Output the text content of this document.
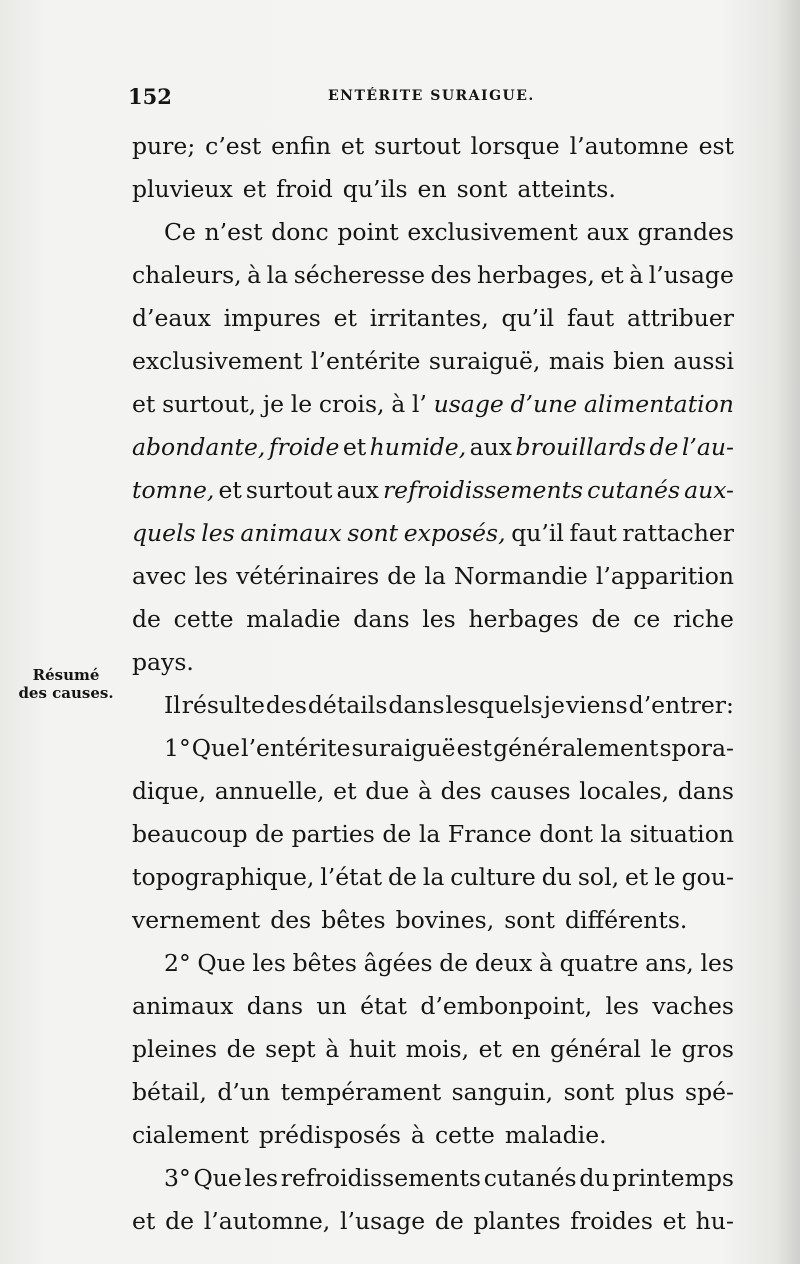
152	ENTÉRITE SURAIGUE.
Résumé
des causes.
pure; c’est enfin et surtout lorsque l’automne est
pluvieux et froid qu’ils en sont atteints.
Ce n’est donc point exclusivement aux grandes
chaleurs, à la sécheresse des herbages, et à l’usage
d’eaux impures et irritantes, qu’il faut attribuer
exclusivement l’entérite suraiguë, mais bien aussi
et surtout, je le crois, à l’ usage d’une alimentation
abondante, froide et humide, aux brouillards de l’au-
tomne, et surtout aux refroidissements cutanés aux-
quels les animaux sont exposés, qu’il faut rattacher
avec les vétérinaires de la Normandie l’apparition
de cette maladie dans les herbages de ce riche
pays.
Il résulte des détails dans lesquels je viens d’entrer:
1° Que l’entérite suraiguë est généralement spora-
dique, annuelle, et due à des causes locales, dans
beaucoup de parties de la France dont la situation
topographique, l’état de la culture du sol, et le gou-
vernement des bêtes bovines, sont différents.
2° Que les bêtes âgées de deux à quatre ans, les
animaux dans un état d’embonpoint, les vaches
pleines de sept à huit mois, et en général le gros
bétail, d’un tempérament sanguin, sont plus spé-
cialement prédisposés à cette maladie.
3° Que les refroidissements cutanés du printemps
et de l’automne, l’usage de plantes froides et hu-
